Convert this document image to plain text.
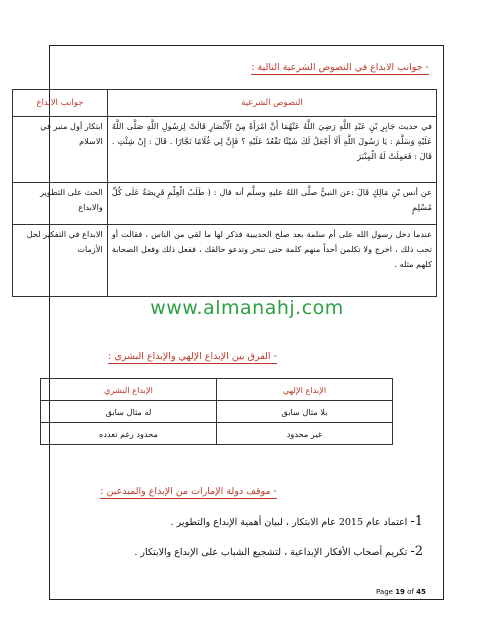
- جوانب الابداع في النصوص الشرعية التالية :
النصوص الشرعية	جوانب الابداع
في حديث جَابِرِ بْنِ عَبْدِ اللَّهِ رَضِيَ اللَّهُ عَنْهُمَا أَنَّ امْرَأَةً مِنْ الْأَنْصَارِ قَالَتْ لِرَسُولِ اللَّهِ صَلَّى اللَّهُ عَلَيْهِ وَسَلَّمَ : يَا رَسُولَ اللَّهِ أَلَا أَجْعَلُ لَكَ شَيْئًا تَقْعُدُ عَلَيْهِ ؟ فَإِنَّ لِي غُلَامًا نَجَّارًا . قَالَ : إِنْ شِئْتِ . قَالَ : فَعَمِلَتْ لَهُ الْمِنْبَرَ	ابتكار أول منبر في الاسلام
عن أنس بْنِ مَالِكٍ قَالَ :عن النبيُّ صلَّى اللهُ عليهِ وسلَّم أنه قال : ( طَلَبُ الْعِلْمِ فَرِيضَةٌ عَلَى كُلِّ مُسْلِمٍ	الحث على التطوير والابداع
عندما دخل رسول الله على أم سلمة بعد صلح الحديبية فذكر لها ما لقي من الناس ، فقالت أو تحب ذلك ، اخرج ولا تكلمن أحداً منهم كلمة حتى تنحر وتدعو حالقك ، ففعل ذلك وفعل الصحابة كلهم مثله .	الابداع في التفكير لحل الأزمات
- الفرق بين الإبداع الإلهي والإبداع البشري :
الإبداع الإلهي	الإبداع البشري
بلا مثال سابق	له مثال سابق
غير محدود	محدود رغم تعدده
- موقف دولة الإمارات من الإبداع والمبدعين :
1- اعتماد عام 2015 عام الابتكار ، لبيان أهمية الإبداع والتطوير .
2- تكريم أصحاب الأفكار الإبداعية ، لتشجيع الشباب على الإبداع والابتكار .
www.almanahj.com
Page 19 of 45
